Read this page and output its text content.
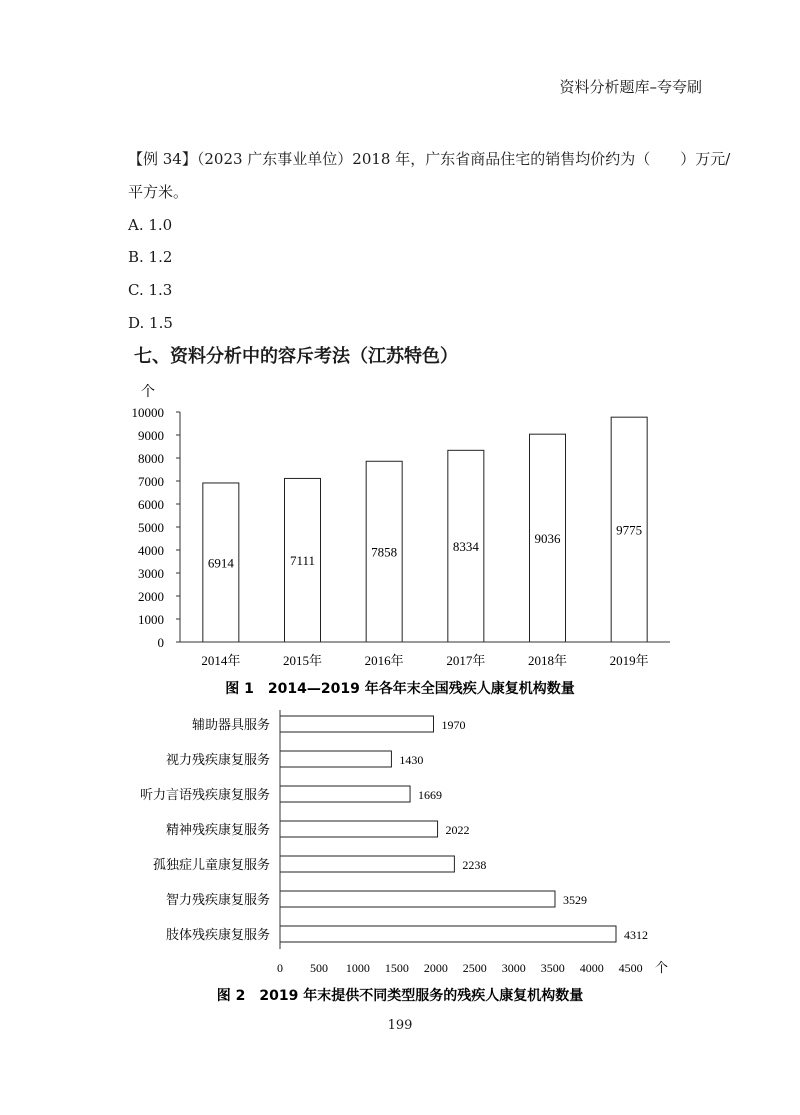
资料分析题库–夸夸刷
【例 34】（2023 广东事业单位）2018 年，广东省商品住宅的销售均价约为（　　）万元/
平方米。
A. 1.0
B. 1.2
C. 1.3
D. 1.5
七、资料分析中的容斥考法（江苏特色）
个
0
1000
2000
3000
4000
5000
6000
7000
8000
9000
10000
6914	7111
7858	8334
9036
9775
2014年	2015年	2016年	2017年	2018年	2019年
图 1　2014—2019 年各年末全国残疾人康复机构数量
辅助器具服务	1970
视力残疾康复服务	1430
听力言语残疾康复服务	1669
精神残疾康复服务	2022
孤独症儿童康复服务	2238
智力残疾康复服务	3529
肢体残疾康复服务	4312
0 500 1000 1500 2000 2500 3000 3500 4000 4500 个
图 2　2019 年末提供不同类型服务的残疾人康复机构数量
199
